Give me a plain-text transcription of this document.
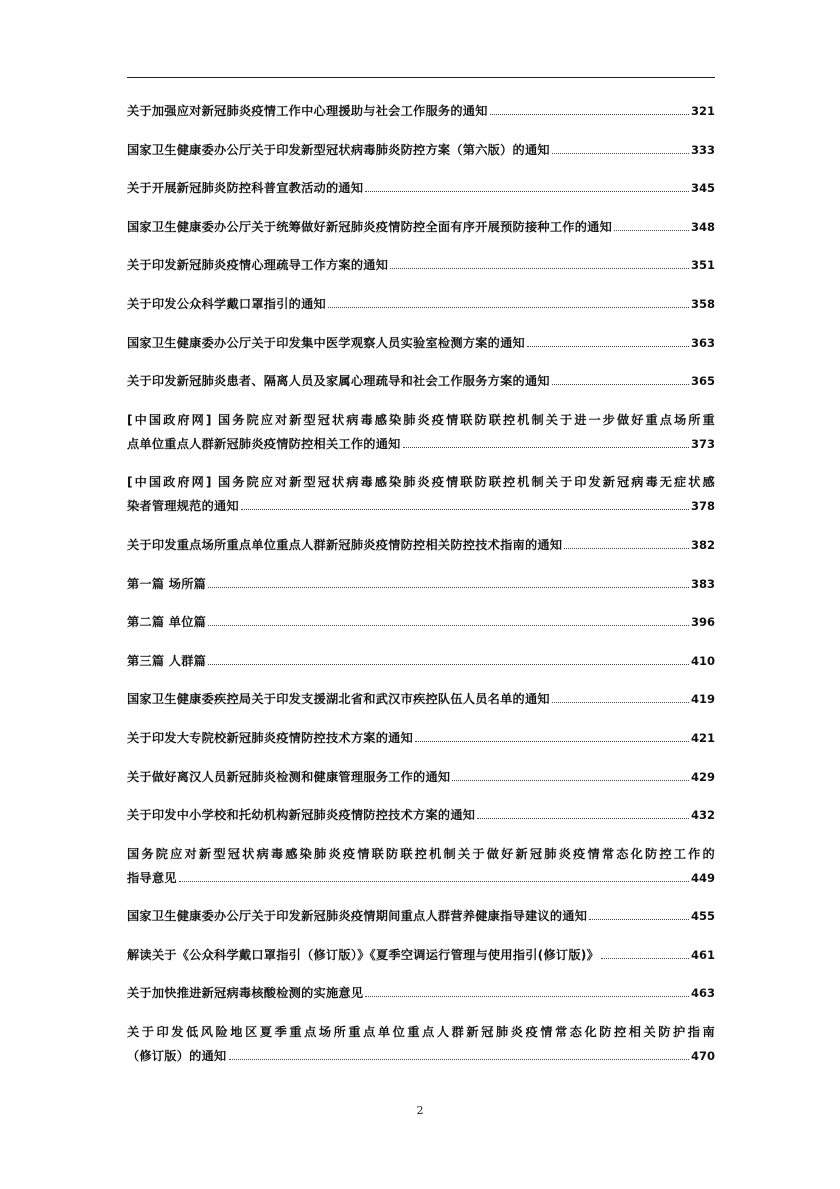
关于加强应对新冠肺炎疫情工作中心理援助与社会工作服务的通知	321
国家卫生健康委办公厅关于印发新型冠状病毒肺炎防控方案（第六版）的通知	333
关于开展新冠肺炎防控科普宣教活动的通知	345
国家卫生健康委办公厅关于统筹做好新冠肺炎疫情防控全面有序开展预防接种工作的通知	348
关于印发新冠肺炎疫情心理疏导工作方案的通知	351
关于印发公众科学戴口罩指引的通知	358
国家卫生健康委办公厅关于印发集中医学观察人员实验室检测方案的通知	363
关于印发新冠肺炎患者、隔离人员及家属心理疏导和社会工作服务方案的通知	365
[中国政府网] 国务院应对新型冠状病毒感染肺炎疫情联防联控机制关于进一步做好重点场所重
点单位重点人群新冠肺炎疫情防控相关工作的通知	373
[中国政府网] 国务院应对新型冠状病毒感染肺炎疫情联防联控机制关于印发新冠病毒无症状感
染者管理规范的通知	378
关于印发重点场所重点单位重点人群新冠肺炎疫情防控相关防控技术指南的通知	382
第一篇 场所篇	383
第二篇 单位篇	396
第三篇 人群篇	410
国家卫生健康委疾控局关于印发支援湖北省和武汉市疾控队伍人员名单的通知	419
关于印发大专院校新冠肺炎疫情防控技术方案的通知	421
关于做好离汉人员新冠肺炎检测和健康管理服务工作的通知	429
关于印发中小学校和托幼机构新冠肺炎疫情防控技术方案的通知	432
国务院应对新型冠状病毒感染肺炎疫情联防联控机制关于做好新冠肺炎疫情常态化防控工作的
指导意见	449
国家卫生健康委办公厅关于印发新冠肺炎疫情期间重点人群营养健康指导建议的通知	455
解读关于《公众科学戴口罩指引（修订版）》《夏季空调运行管理与使用指引(修订版)》	461
关于加快推进新冠病毒核酸检测的实施意见	463
关于印发低风险地区夏季重点场所重点单位重点人群新冠肺炎疫情常态化防控相关防护指南
（修订版）的通知	470
2
